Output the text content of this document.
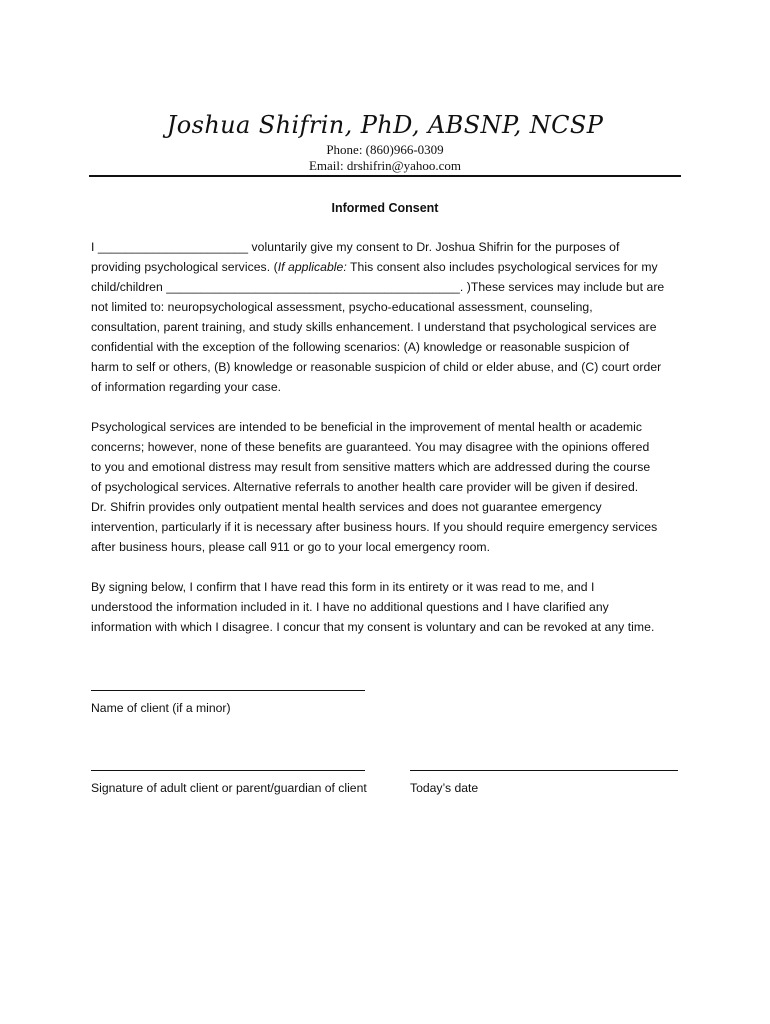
Joshua Shifrin, PhD, ABSNP, NCSP
Phone: (860)966-0309
Email: drshifrin@yahoo.com
Informed Consent
I ______________________ voluntarily give my consent to Dr. Joshua Shifrin for the purposes of
providing psychological services. (If applicable: This consent also includes psychological services for my
child/children ___________________________________________. )These services may include but are
not limited to: neuropsychological assessment, psycho-educational assessment, counseling,
consultation, parent training, and study skills enhancement. I understand that psychological services are
confidential with the exception of the following scenarios: (A) knowledge or reasonable suspicion of
harm to self or others, (B) knowledge or reasonable suspicion of child or elder abuse, and (C) court order
of information regarding your case.
Psychological services are intended to be beneficial in the improvement of mental health or academic
concerns; however, none of these benefits are guaranteed. You may disagree with the opinions offered
to you and emotional distress may result from sensitive matters which are addressed during the course
of psychological services. Alternative referrals to another health care provider will be given if desired.
Dr. Shifrin provides only outpatient mental health services and does not guarantee emergency
intervention, particularly if it is necessary after business hours. If you should require emergency services
after business hours, please call 911 or go to your local emergency room.
By signing below, I confirm that I have read this form in its entirety or it was read to me, and I
understood the information included in it. I have no additional questions and I have clarified any
information with which I disagree. I concur that my consent is voluntary and can be revoked at any time.
Name of client (if a minor)
Signature of adult client or parent/guardian of client	Today’s date
